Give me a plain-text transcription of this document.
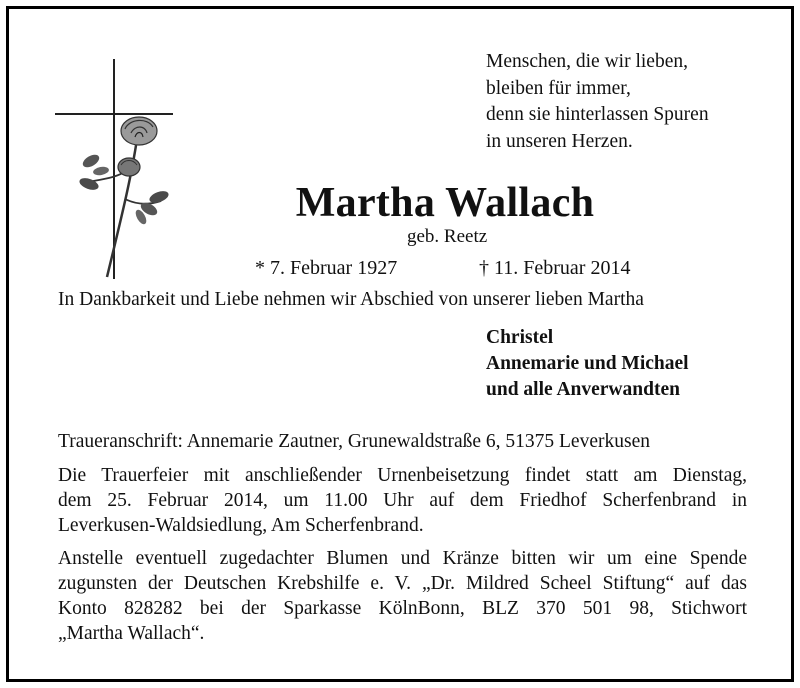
Menschen, die wir lieben,
bleiben für immer,
denn sie hinterlassen Spuren
in unseren Herzen.
Martha Wallach
geb. Reetz
* 7. Februar 1927	† 11. Februar 2014
In Dankbarkeit und Liebe nehmen wir Abschied von unserer lieben Martha
Christel
Annemarie und Michael
und alle Anverwandten
Traueranschrift: Annemarie Zautner, Grunewaldstraße 6, 51375 Leverkusen
Die Trauerfeier mit anschließender Urnenbeisetzung findet statt am Dienstag,
dem 25. Februar 2014, um 11.00 Uhr auf dem Friedhof Scherfenbrand in
Leverkusen-Waldsiedlung, Am Scherfenbrand.
Anstelle eventuell zugedachter Blumen und Kränze bitten wir um eine Spende
zugunsten der Deutschen Krebshilfe e. V. „Dr. Mildred Scheel Stiftung“ auf das
Konto 828282 bei der Sparkasse KölnBonn, BLZ 370 501 98, Stichwort
„Martha Wallach“.
